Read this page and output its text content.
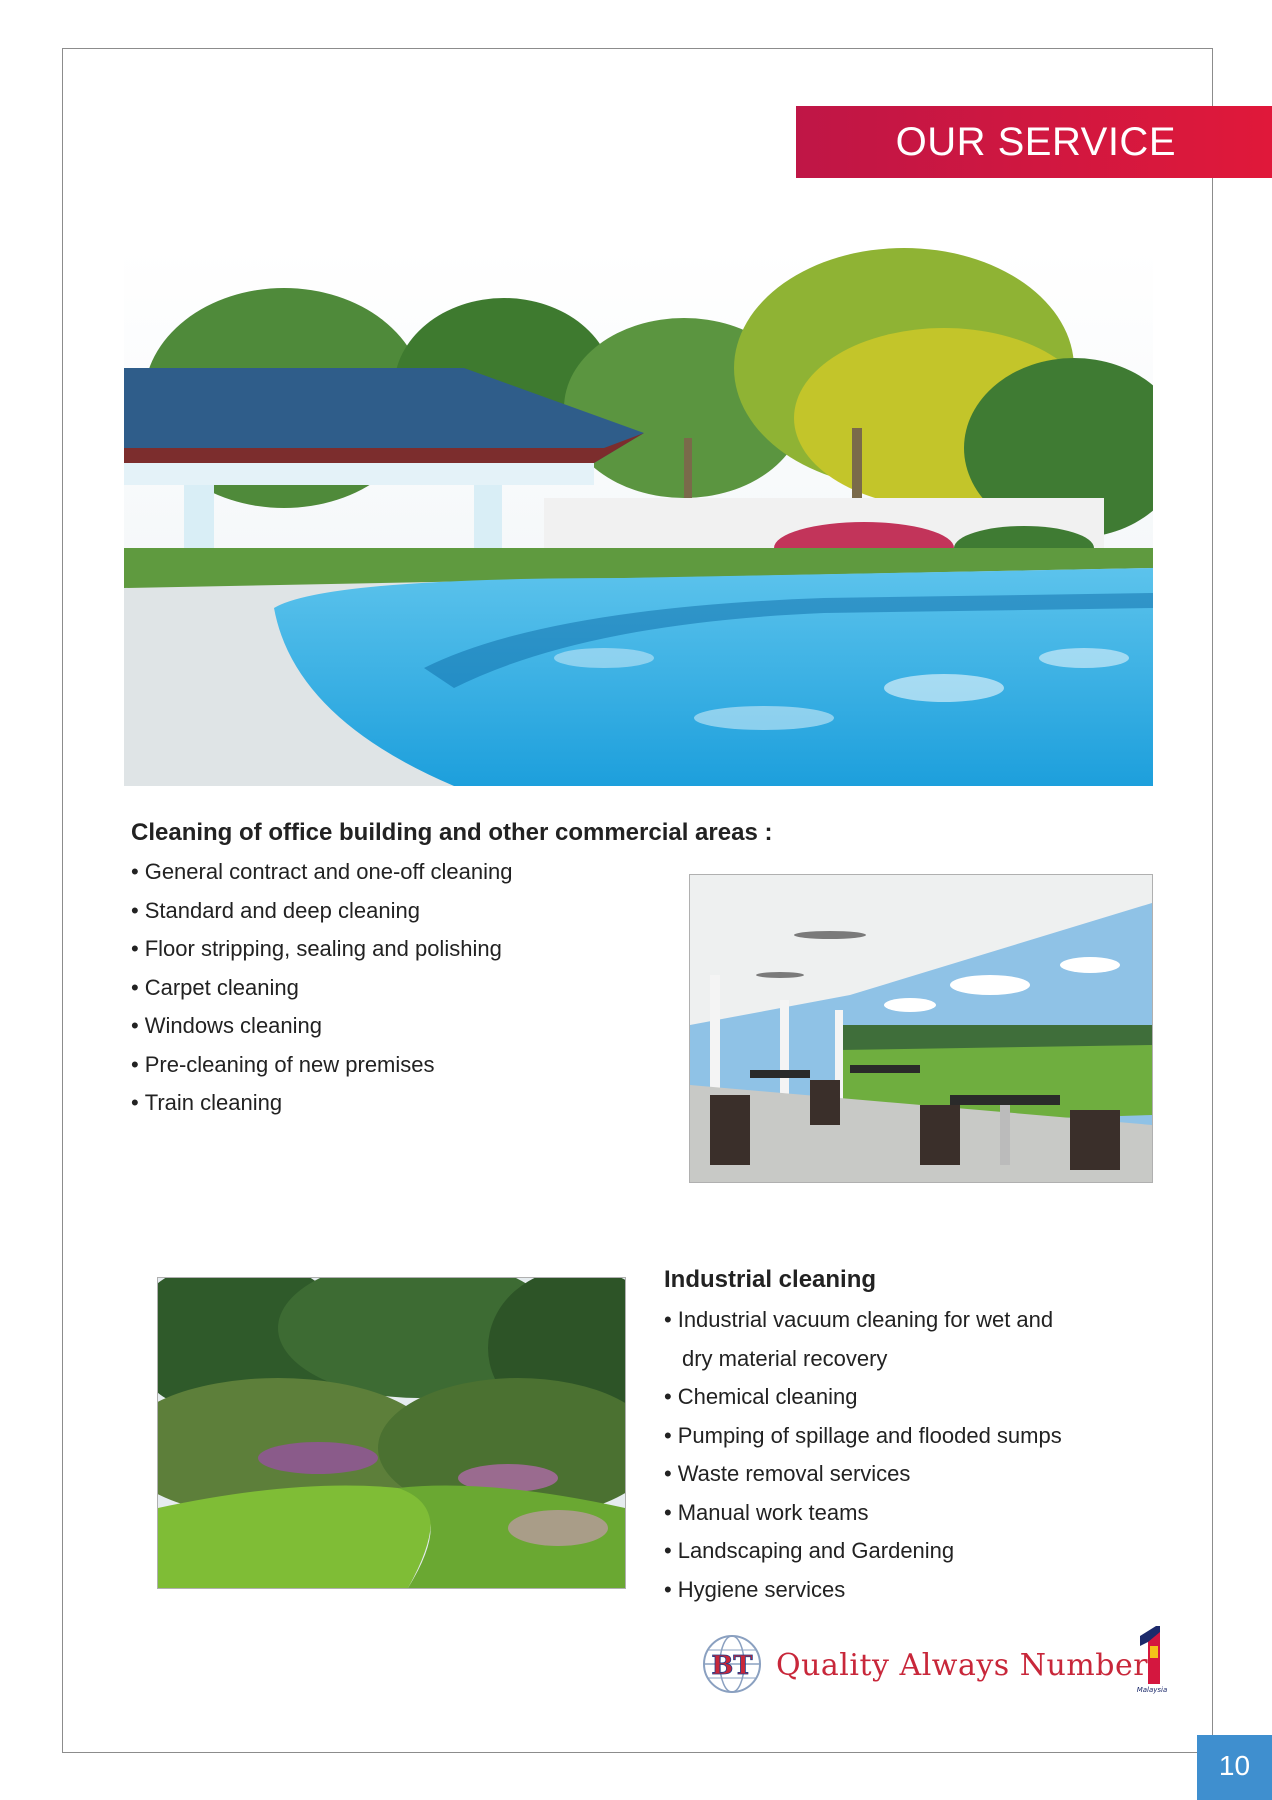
OUR SERVICE
Cleaning of office building and other commercial areas :
• General contract and one-off cleaning
• Standard and deep cleaning
• Floor stripping, sealing and polishing
• Carpet cleaning
• Windows cleaning
• Pre-cleaning of new premises
• Train cleaning
Industrial cleaning
• Industrial vacuum cleaning for wet and
dry material recovery
• Chemical cleaning
• Pumping of spillage and flooded sumps
• Waste removal services
• Manual work teams
• Landscaping and Gardening
• Hygiene services
BT Quality Always Number
Malaysia
10
